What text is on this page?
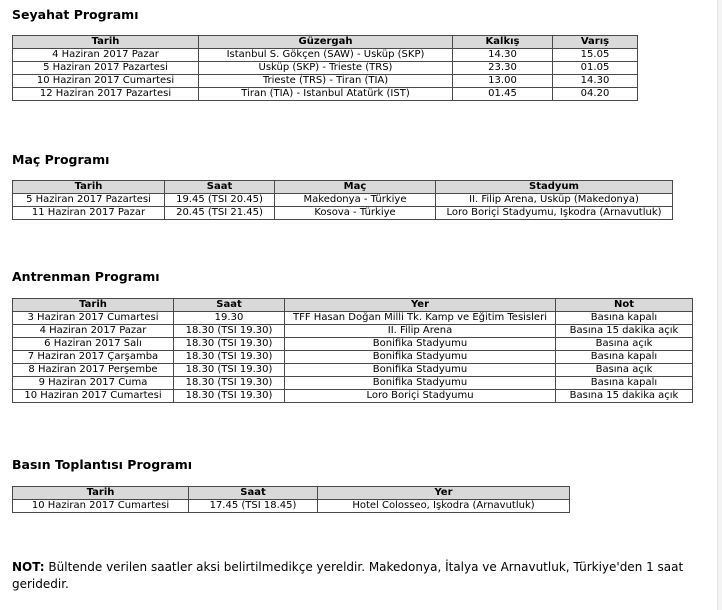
Seyahat Programı
Tarih	Güzergah	Kalkış	Varış
4 Haziran 2017 Pazar	İstanbul S. Gökçen (SAW) - Üsküp (SKP)	14.30	15.05
5 Haziran 2017 Pazartesi	Üsküp (SKP) - Trieste (TRS)	23.30	01.05
10 Haziran 2017 Cumartesi	Trieste (TRS) - Tiran (TIA)	13.00	14.30
12 Haziran 2017 Pazartesi	Tiran (TIA) - İstanbul Atatürk (IST)	01.45	04.20
Maç Programı
Tarih	Saat	Maç	Stadyum
5 Haziran 2017 Pazartesi	19.45 (TSİ 20.45)	Makedonya - Türkiye	II. Filip Arena, Üsküp (Makedonya)
11 Haziran 2017 Pazar	20.45 (TSİ 21.45)	Kosova - Türkiye	Loro Boriçi Stadyumu, İşkodra (Arnavutluk)
Antrenman Programı
Tarih	Saat	Yer	Not
3 Haziran 2017 Cumartesi	19.30	TFF Hasan Doğan Milli Tk. Kamp ve Eğitim Tesisleri	Basına kapalı
4 Haziran 2017 Pazar	18.30 (TSİ 19.30)	II. Filip Arena	Basına 15 dakika açık
6 Haziran 2017 Salı	18.30 (TSİ 19.30)	Bonifika Stadyumu	Basına açık
7 Haziran 2017 Çarşamba	18.30 (TSİ 19.30)	Bonifika Stadyumu	Basına kapalı
8 Haziran 2017 Perşembe	18.30 (TSİ 19.30)	Bonifika Stadyumu	Basına açık
9 Haziran 2017 Cuma	18.30 (TSİ 19.30)	Bonifika Stadyumu	Basına kapalı
10 Haziran 2017 Cumartesi	18.30 (TSİ 19.30)	Loro Boriçi Stadyumu	Basına 15 dakika açık
Basın Toplantısı Programı
Tarih	Saat	Yer
10 Haziran 2017 Cumartesi	17.45 (TSİ 18.45)	Hotel Colosseo, İşkodra (Arnavutluk)

NOT: Bültende verilen saatler aksi belirtilmedikçe yereldir. Makedonya, İtalya ve Arnavutluk, Türkiye'den 1 saat geridedir.
